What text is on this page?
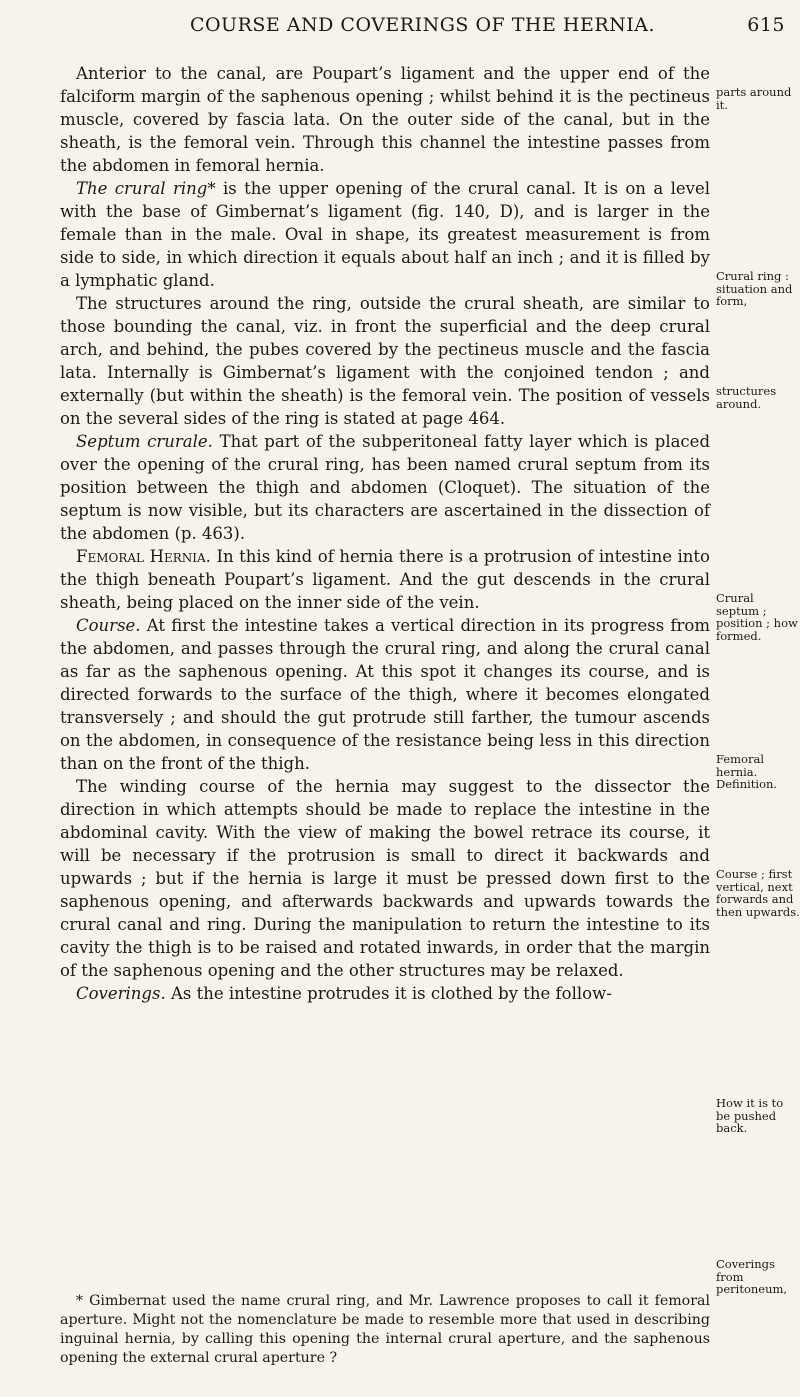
COURSE AND COVERINGS OF THE HERNIA.	615

Anterior to the canal, are Poupart’s ligament and the upper end of the falciform margin of the saphenous opening ; whilst behind it is the pectineus muscle, covered by fascia lata. On the outer side of the canal, but in the sheath, is the femoral vein. Through this channel the intestine passes from the abdomen in femoral hernia.

The crural ring* is the upper opening of the crural canal. It is on a level with the base of Gimbernat’s ligament (fig. 140, D), and is larger in the female than in the male. Oval in shape, its greatest measurement is from side to side, in which direction it equals about half an inch ; and it is filled by a lymphatic gland.

The structures around the ring, outside the crural sheath, are similar to those bounding the canal, viz. in front the superficial and the deep crural arch, and behind, the pubes covered by the pectineus muscle and the fascia lata. Internally is Gimbernat’s ligament with the conjoined tendon ; and externally (but within the sheath) is the femoral vein. The position of vessels on the several sides of the ring is stated at page 464.

Septum crurale. That part of the subperitoneal fatty layer which is placed over the opening of the crural ring, has been named crural septum from its position between the thigh and abdomen (Cloquet). The situation of the septum is now visible, but its characters are ascertained in the dissection of the abdomen (p. 463).

Femoral Hernia. In this kind of hernia there is a protrusion of intestine into the thigh beneath Poupart’s ligament. And the gut descends in the crural sheath, being placed on the inner side of the vein.

Course. At first the intestine takes a vertical direction in its progress from the abdomen, and passes through the crural ring, and along the crural canal as far as the saphenous opening. At this spot it changes its course, and is directed forwards to the surface of the thigh, where it becomes elongated transversely ; and should the gut protrude still farther, the tumour ascends on the abdomen, in consequence of the resistance being less in this direction than on the front of the thigh.

The winding course of the hernia may suggest to the dissector the direction in which attempts should be made to replace the intestine in the abdominal cavity. With the view of making the bowel retrace its course, it will be necessary if the protrusion is small to direct it backwards and upwards ; but if the hernia is large it must be pressed down first to the saphenous opening, and afterwards backwards and upwards towards the crural canal and ring. During the manipulation to return the intestine to its cavity the thigh is to be raised and rotated inwards, in order that the margin of the saphenous opening and the other structures may be relaxed.

Coverings. As the intestine protrudes it is clothed by the follow-

parts around it.
Crural ring : situation and form,
structures around.
Crural septum ; position ; how formed.
Femoral hernia. Definition.
Course ; first vertical, next forwards and then upwards.
How it is to be pushed back.
Coverings from peritoneum,

* Gimbernat used the name crural ring, and Mr. Lawrence proposes to call it femoral aperture. Might not the nomenclature be made to resemble more that used in describing inguinal hernia, by calling this opening the internal crural aperture, and the saphenous opening the external crural aperture ?
